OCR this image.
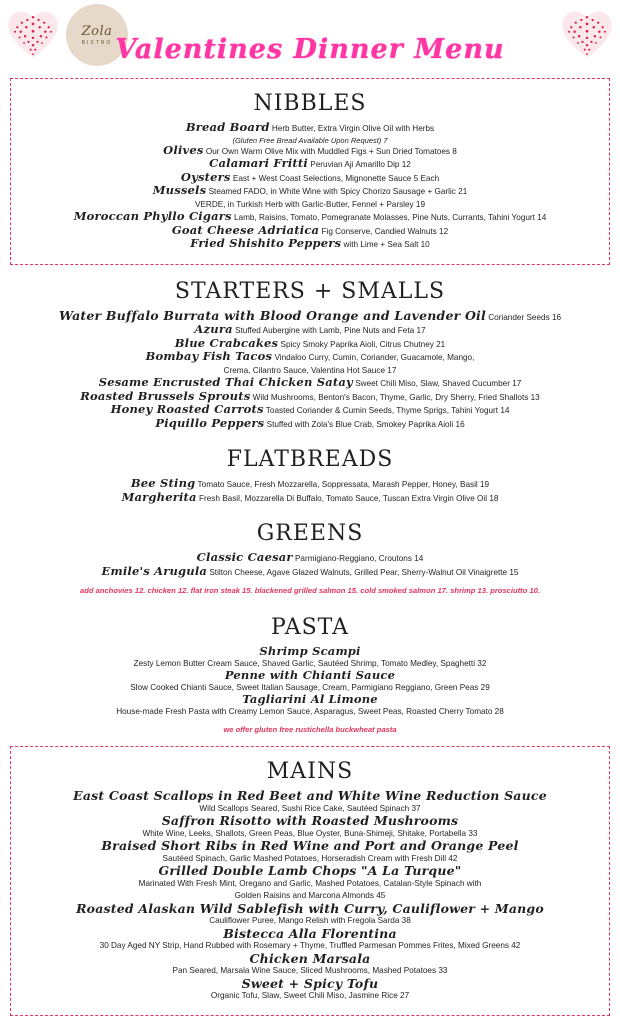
Zola
BISTRO Valentines Dinner Menu
NIBBLES
Bread Board Herb Butter, Extra Virgin Olive Oil with Herbs
(Gluten Free Bread Available Upon Request) 7
Olives Our Own Warm Olive Mix with Muddled Figs + Sun Dried Tomatoes 8
Calamari Fritti Peruvian Aji Amarillo Dip 12
Oysters East + West Coast Selections, Mignonette Sauce 5 Each
Mussels Steamed FADO, in White Wine with Spicy Chorizo Sausage + Garlic 21
VERDE, in Turkish Herb with Garlic-Butter, Fennel + Parsley 19
Moroccan Phyllo Cigars Lamb, Raisins, Tomato, Pomegranate Molasses, Pine Nuts, Currants, Tahini Yogurt 14
Goat Cheese Adriatica Fig Conserve, Candied Walnuts 12
Fried Shishito Peppers with Lime + Sea Salt 10
STARTERS + SMALLS
Water Buffalo Burrata with Blood Orange and Lavender Oil Coriander Seeds 16
Azura Stuffed Aubergine with Lamb, Pine Nuts and Feta 17
Blue Crabcakes Spicy Smoky Paprika Aioli, Citrus Chutney 21
Bombay Fish Tacos Vindaloo Curry, Cumin, Coriander, Guacamole, Mango,
Crema, Cilantro Sauce, Valentina Hot Sauce 17
Sesame Encrusted Thai Chicken Satay Sweet Chili Miso, Slaw, Shaved Cucumber 17
Roasted Brussels Sprouts Wild Mushrooms, Benton's Bacon, Thyme, Garlic, Dry Sherry, Fried Shallots 13
Honey Roasted Carrots Toasted Coriander & Cumin Seeds, Thyme Sprigs, Tahini Yogurt 14
Piquillo Peppers Stuffed with Zola's Blue Crab, Smokey Paprika Aioli 16
FLATBREADS
Bee Sting Tomato Sauce, Fresh Mozzarella, Soppressata, Marash Pepper, Honey, Basil 19
Margherita Fresh Basil, Mozzarella Di Buffalo, Tomato Sauce, Tuscan Extra Virgin Olive Oil 18
GREENS
Classic Caesar Parmigiano-Reggiano, Croutons 14
Emile's Arugula Stilton Cheese, Agave Glazed Walnuts, Grilled Pear, Sherry-Walnut Oil Vinaigrette 15
add anchovies 12. chicken 12. flat iron steak 15. blackened grilled salmon 15. cold smoked salmon 17. shrimp 13. prosciutto 10.
PASTA
Shrimp Scampi
Zesty Lemon Butter Cream Sauce, Shaved Garlic, Sautéed Shrimp, Tomato Medley, Spaghetti 32
Penne with Chianti Sauce
Slow Cooked Chianti Sauce, Sweet Italian Sausage, Cream, Parmigiano Reggiano, Green Peas 29
Tagliarini Al Limone
House-made Fresh Pasta with Creamy Lemon Sauce, Asparagus, Sweet Peas, Roasted Cherry Tomato 28
we offer gluten free rustichella buckwheat pasta
MAINS
East Coast Scallops in Red Beet and White Wine Reduction Sauce
Wild Scallops Seared, Sushi Rice Cake, Sautéed Spinach 37
Saffron Risotto with Roasted Mushrooms
White Wine, Leeks, Shallots, Green Peas, Blue Oyster, Buna-Shimeji, Shitake, Portabella 33
Braised Short Ribs in Red Wine and Port and Orange Peel
Sautéed Spinach, Garlic Mashed Potatoes, Horseradish Cream with Fresh Dill 42
Grilled Double Lamb Chops "A La Turque"
Marinated With Fresh Mint, Oregano and Garlic, Mashed Potatoes, Catalan-Style Spinach with
Golden Raisins and Marcona Almonds 45
Roasted Alaskan Wild Sablefish with Curry, Cauliflower + Mango
Cauliflower Puree, Mango Relish with Fregola Sarda 38
Bistecca Alla Florentina
30 Day Aged NY Strip, Hand Rubbed with Rosemary + Thyme, Truffled Parmesan Pommes Frites, Mixed Greens 42
Chicken Marsala
Pan Seared, Marsala Wine Sauce, Sliced Mushrooms, Mashed Potatoes 33
Sweet + Spicy Tofu
Organic Tofu, Slaw, Sweet Chili Miso, Jasmine Rice 27
